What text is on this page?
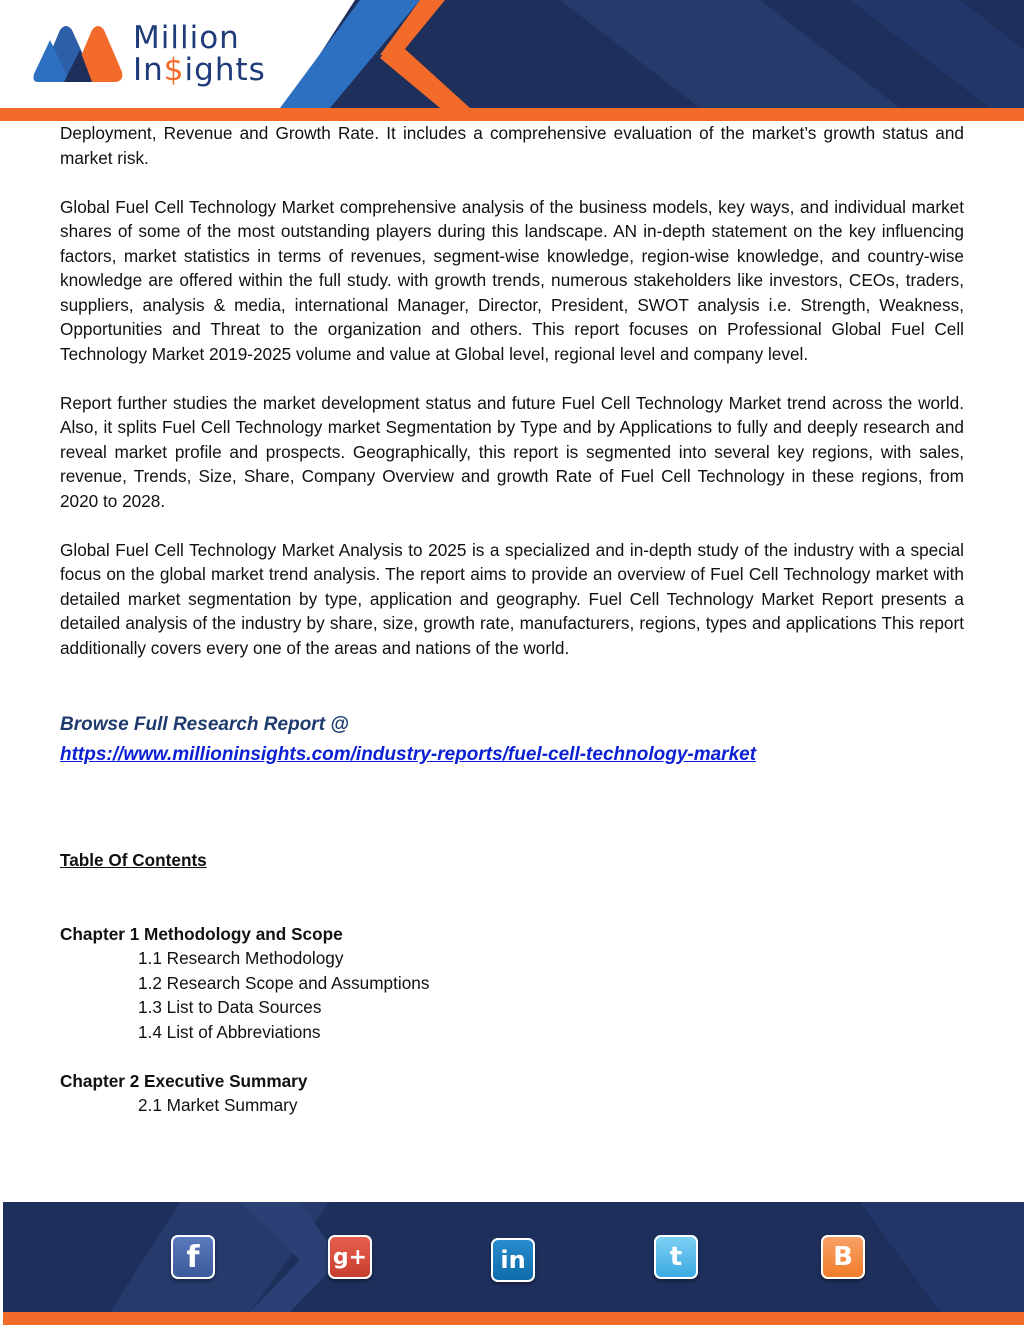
Million
In$ights

Deployment, Revenue and Growth Rate. It includes a comprehensive evaluation of the market’s growth status and market risk.

Global Fuel Cell Technology Market comprehensive analysis of the business models, key ways, and individual market shares of some of the most outstanding players during this landscape. AN in-depth statement on the key influencing factors, market statistics in terms of revenues, segment-wise knowledge, region-wise knowledge, and country-wise knowledge are offered within the full study. with growth trends, numerous stakeholders like investors, CEOs, traders, suppliers, analysis & media, international Manager, Director, President, SWOT analysis i.e. Strength, Weakness, Opportunities and Threat to the organization and others. This report focuses on Professional Global Fuel Cell Technology Market 2019-2025 volume and value at Global level, regional level and company level.

Report further studies the market development status and future Fuel Cell Technology Market trend across the world. Also, it splits Fuel Cell Technology market Segmentation by Type and by Applications to fully and deeply research and reveal market profile and prospects. Geographically, this report is segmented into several key regions, with sales, revenue, Trends, Size, Share, Company Overview and growth Rate of Fuel Cell Technology in these regions, from 2020 to 2028.

Global Fuel Cell Technology Market Analysis to 2025 is a specialized and in-depth study of the industry with a special focus on the global market trend analysis. The report aims to provide an overview of Fuel Cell Technology market with detailed market segmentation by type, application and geography. Fuel Cell Technology Market Report presents a detailed analysis of the industry by share, size, growth rate, manufacturers, regions, types and applications This report additionally covers every one of the areas and nations of the world.

Browse Full Research Report @
https://www.millioninsights.com/industry-reports/fuel-cell-technology-market
Table Of Contents
Chapter 1 Methodology and Scope
1.1 Research Methodology
1.2 Research Scope and Assumptions
1.3 List to Data Sources
1.4 List of Abbreviations
Chapter 2 Executive Summary
2.1 Market Summary
f	g+	in	t	B
